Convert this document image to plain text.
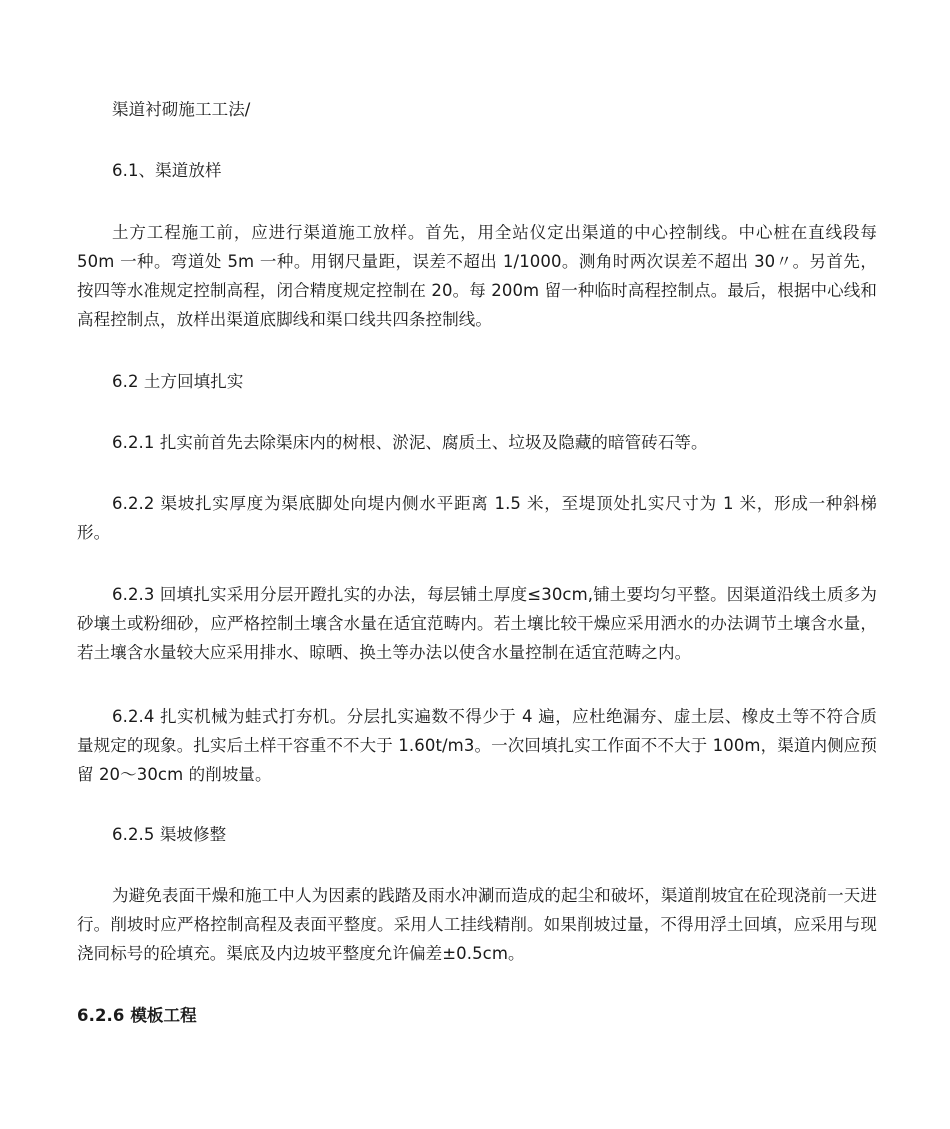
渠道衬砌施工工法/

6.1、渠道放样

土方工程施工前，应进行渠道施工放样。首先，用全站仪定出渠道的中心控制线。中心桩在直线段每 50m 一种。弯道处 5m 一种。用钢尺量距，误差不超出 1/1000。测角时两次误差不超出 30〃。另首先，按四等水准规定控制高程，闭合精度规定控制在 20。每 200m 留一种临时高程控制点。最后，根据中心线和高程控制点，放样出渠道底脚线和渠口线共四条控制线。

6.2 土方回填扎实

6.2.1 扎实前首先去除渠床内的树根、淤泥、腐质土、垃圾及隐藏的暗管砖石等。

6.2.2 渠坡扎实厚度为渠底脚处向堤内侧水平距离 1.5 米，至堤顶处扎实尺寸为 1 米，形成一种斜梯形。

6.2.3 回填扎实采用分层开蹬扎实的办法，每层铺土厚度≤30cm,铺土要均匀平整。因渠道沿线土质多为砂壤土或粉细砂，应严格控制土壤含水量在适宜范畴内。若土壤比较干燥应采用洒水的办法调节土壤含水量，若土壤含水量较大应采用排水、晾晒、换土等办法以使含水量控制在适宜范畴之内。

6.2.4 扎实机械为蛙式打夯机。分层扎实遍数不得少于 4 遍，应杜绝漏夯、虚土层、橡皮土等不符合质量规定的现象。扎实后土样干容重不不大于 1.60t/m3。一次回填扎实工作面不不大于 100m，渠道内侧应预留 20～30cm 的削坡量。

6.2.5 渠坡修整

为避免表面干燥和施工中人为因素的践踏及雨水冲涮而造成的起尘和破坏，渠道削坡宜在砼现浇前一天进行。削坡时应严格控制高程及表面平整度。采用人工挂线精削。如果削坡过量，不得用浮土回填，应采用与现浇同标号的砼填充。渠底及内边坡平整度允许偏差±0.5cm。

6.2.6 模板工程
